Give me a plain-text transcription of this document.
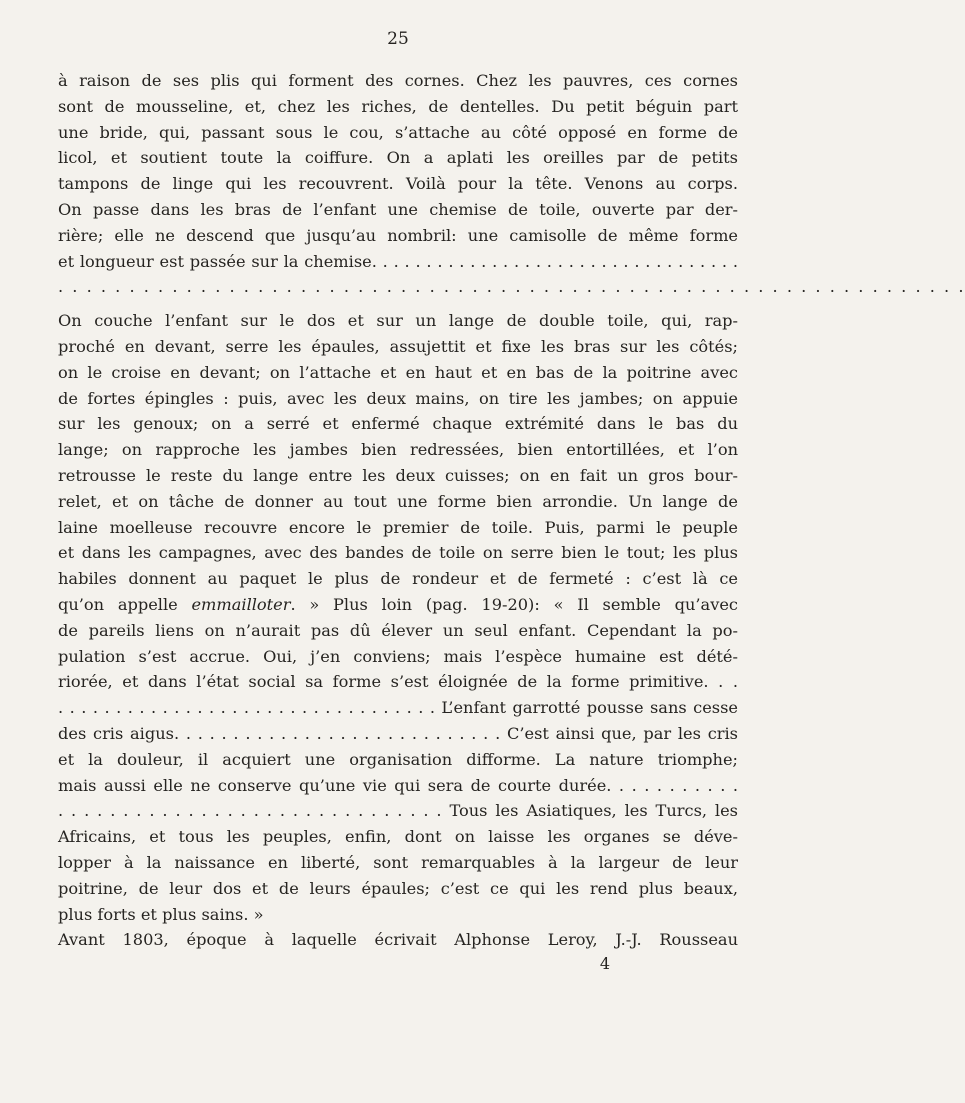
25
à raison de ses plis qui forment des cornes. Chez les pauvres, ces cornes
sont de mousseline, et, chez les riches, de dentelles. Du petit béguin part
une bride, qui, passant sous le cou, s’attache au côté opposé en forme de
licol, et soutient toute la coiffure. On a aplati les oreilles par de petits
tampons de linge qui les recouvrent. Voilà pour la tête. Venons au corps.
On passe dans les bras de l’enfant une chemise de toile, ouverte par der-
rière; elle ne descend que jusqu’au nombril: une camisolle de même forme
et longueur est passée sur la chemise. . . . . . . . . . . . . . . . . . . . . . . . . . . . . . . . . .
. . . . . . . . . . . . . . . . . . . . . . . . . . . . . . . . . . . . . . . . . . . . . . . . . . . . . . . . . . . . . . . .
On couche l’enfant sur le dos et sur un lange de double toile, qui, rap-
proché en devant, serre les épaules, assujettit et fixe les bras sur les côtés;
on le croise en devant; on l’attache et en haut et en bas de la poitrine avec
de fortes épingles : puis, avec les deux mains, on tire les jambes; on appuie
sur les genoux; on a serré et enfermé chaque extrémité dans le bas du
lange; on rapproche les jambes bien redressées, bien entortillées, et l’on
retrousse le reste du lange entre les deux cuisses; on en fait un gros bour-
relet, et on tâche de donner au tout une forme bien arrondie. Un lange de
laine moelleuse recouvre encore le premier de toile. Puis, parmi le peuple
et dans les campagnes, avec des bandes de toile on serre bien le tout; les plus
habiles donnent au paquet le plus de rondeur et de fermeté : c’est là ce
qu’on appelle emmailloter. » Plus loin (pag. 19-20): « Il semble qu’avec
de pareils liens on n’aurait pas dû élever un seul enfant. Cependant la po-
pulation s’est accrue. Oui, j’en conviens; mais l’espèce humaine est dété-
riorée, et dans l’état social sa forme s’est éloignée de la forme primitive. . .
. . . . . . . . . . . . . . . . . . . . . . . . . . . . . . . . . L’enfant garrotté pousse sans cesse
des cris aigus. . . . . . . . . . . . . . . . . . . . . . . . . . . . C’est ainsi que, par les cris
et la douleur, il acquiert une organisation difforme. La nature triomphe;
mais aussi elle ne conserve qu’une vie qui sera de courte durée. . . . . . . . . . .
. . . . . . . . . . . . . . . . . . . . . . . . . . . . . . Tous les Asiatiques, les Turcs, les
Africains, et tous les peuples, enfin, dont on laisse les organes se déve-
lopper à la naissance en liberté, sont remarquables à la largeur de leur
poitrine, de leur dos et de leurs épaules; c’est ce qui les rend plus beaux,
plus forts et plus sains. »
Avant 1803, époque à laquelle écrivait Alphonse Leroy, J.-J. Rousseau
4
